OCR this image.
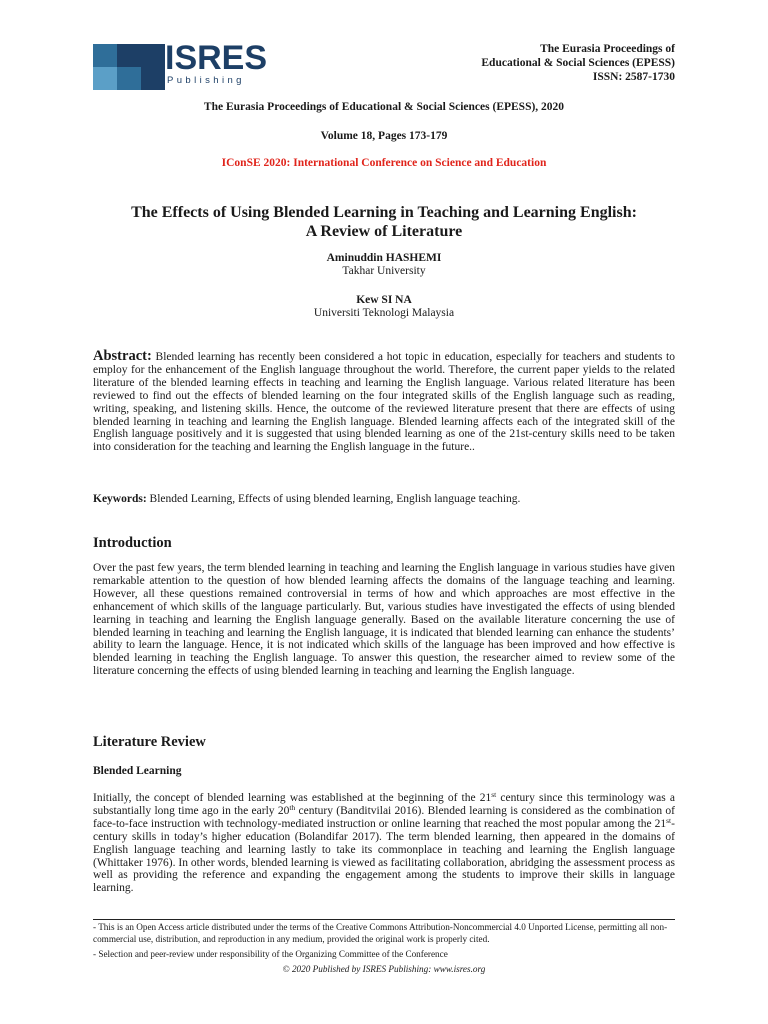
ISRES
Publishing
The Eurasia Proceedings of
Educational & Social Sciences (EPESS)
ISSN: 2587-1730
The Eurasia Proceedings of Educational & Social Sciences (EPESS), 2020
Volume 18, Pages 173-179
IConSE 2020: International Conference on Science and Education
The Effects of Using Blended Learning in Teaching and Learning English:
A Review of Literature
Aminuddin HASHEMI
Takhar University
Kew SI NA
Universiti Teknologi Malaysia
Abstract: Blended learning has recently been considered a hot topic in education, especially for teachers and students to employ for the enhancement of the English language throughout the world. Therefore, the current paper yields to the related literature of the blended learning effects in teaching and learning the English language. Various related literature has been reviewed to find out the effects of blended learning on the four integrated skills of the English language such as reading, writing, speaking, and listening skills. Hence, the outcome of the reviewed literature present that there are effects of using blended learning in teaching and learning the English language. Blended learning affects each of the integrated skill of the English language positively and it is suggested that using blended learning as one of the 21st-century skills need to be taken into consideration for the teaching and learning the English language in the future..
Keywords: Blended Learning, Effects of using blended learning, English language teaching.
Introduction
Over the past few years, the term blended learning in teaching and learning the English language in various studies have given remarkable attention to the question of how blended learning affects the domains of the language teaching and learning. However, all these questions remained controversial in terms of how and which approaches are most effective in the enhancement of which skills of the language particularly. But, various studies have investigated the effects of using blended learning in teaching and learning the English language generally. Based on the available literature concerning the use of blended learning in teaching and learning the English language, it is indicated that blended learning can enhance the students’ ability to learn the language. Hence, it is not indicated which skills of the language has been improved and how effective is blended learning in teaching the English language. To answer this question, the researcher aimed to review some of the literature concerning the effects of using blended learning in teaching and learning the English language.
Literature Review
Blended Learning
Initially, the concept of blended learning was established at the beginning of the 21st century since this terminology was a substantially long time ago in the early 20th century (Banditvilai 2016). Blended learning is considered as the combination of face-to-face instruction with technology-mediated instruction or online learning that reached the most popular among the 21st-century skills in today’s higher education (Bolandifar 2017). The term blended learning, then appeared in the domains of English language teaching and learning lastly to take its commonplace in teaching and learning the English language (Whittaker 1976). In other words, blended learning is viewed as facilitating collaboration, abridging the assessment process as well as providing the reference and expanding the engagement among the students to improve their skills in language learning.
- This is an Open Access article distributed under the terms of the Creative Commons Attribution-Noncommercial 4.0 Unported License, permitting all non-commercial use, distribution, and reproduction in any medium, provided the original work is properly cited.
- Selection and peer-review under responsibility of the Organizing Committee of the Conference
© 2020 Published by ISRES Publishing: www.isres.org
